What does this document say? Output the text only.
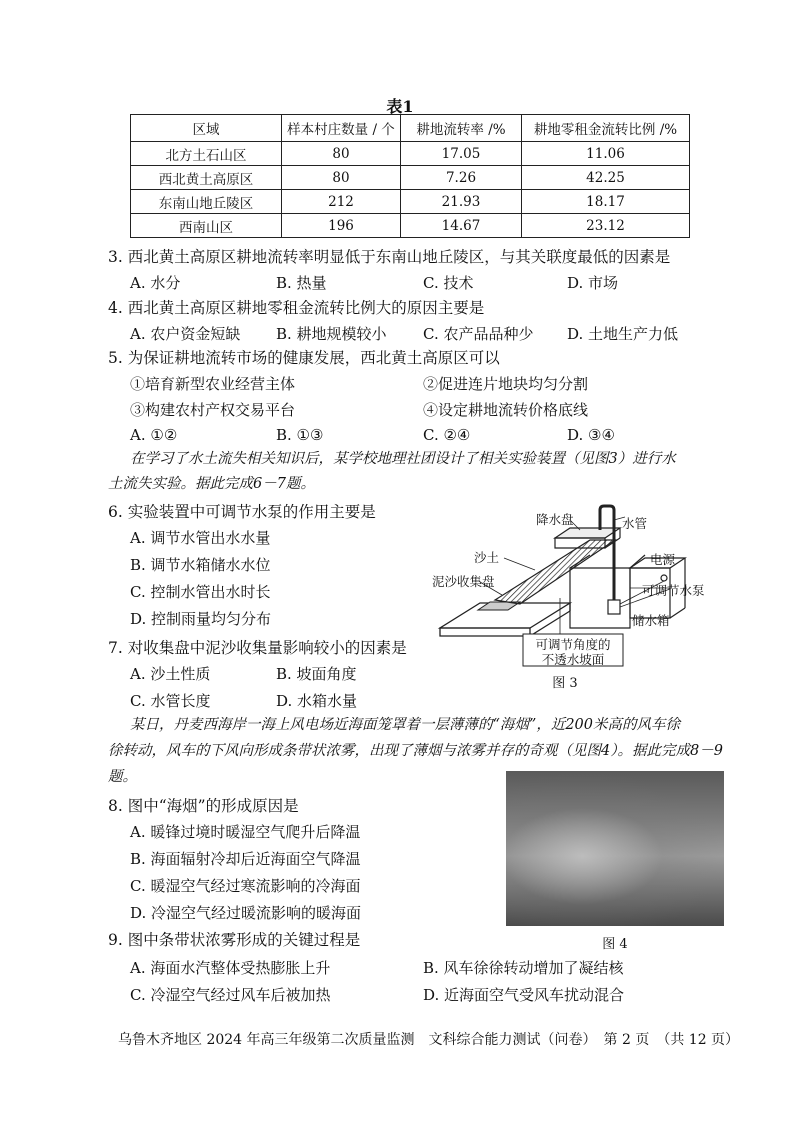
表1
区域	样本村庄数量 / 个	耕地流转率 /%	耕地零租金流转比例 /%
北方土石山区	80	17.05	11.06
西北黄土高原区	80	7.26	42.25
东南山地丘陵区	212	21.93	18.17
西南山区	196	14.67	23.12
3. 西北黄土高原区耕地流转率明显低于东南山地丘陵区，与其关联度最低的因素是
A. 水分	B. 热量	C. 技术	D. 市场
4. 西北黄土高原区耕地零租金流转比例大的原因主要是
A. 农户资金短缺 B. 耕地规模较小 C. 农产品品种少 D. 土地生产力低
5. 为保证耕地流转市场的健康发展，西北黄土高原区可以
①培育新型农业经营主体	②促进连片地块均匀分割
③构建农村产权交易平台	④设定耕地流转价格底线
A. ①②	B. ①③	C. ②④	D. ③④
在学习了水土流失相关知识后，某学校地理社团设计了相关实验装置（见图3）进行水
土流失实验。据此完成6－7题。
6. 实验装置中可调节水泵的作用主要是
A. 调节水管出水水量
B. 调节水箱储水水位
C. 控制水管出水时长
D. 控制雨量均匀分布
7. 对收集盘中泥沙收集量影响较小的因素是
A. 沙土性质	B. 坡面角度
C. 水管长度	D. 水箱水量
降水盘	水管
沙土	电源
泥沙收集盘
可调节水泵
储水箱
可调节角度的
不透水坡面
图 3
某日，丹麦西海岸一海上风电场近海面笼罩着一层薄薄的“海烟”，近200米高的风车徐
徐转动，风车的下风向形成条带状浓雾，出现了薄烟与浓雾并存的奇观（见图4）。据此完成8－9
题。
8. 图中“海烟”的形成原因是
A. 暖锋过境时暖湿空气爬升后降温
B. 海面辐射冷却后近海面空气降温
C. 暖湿空气经过寒流影响的冷海面
D. 冷湿空气经过暖流影响的暖海面
图 4
9. 图中条带状浓雾形成的关键过程是
A. 海面水汽整体受热膨胀上升	B. 风车徐徐转动增加了凝结核
C. 冷湿空气经过风车后被加热	D. 近海面空气受风车扰动混合
乌鲁木齐地区 2024 年高三年级第二次质量监测　文科综合能力测试（问卷）　第 2 页　（共 12 页）
